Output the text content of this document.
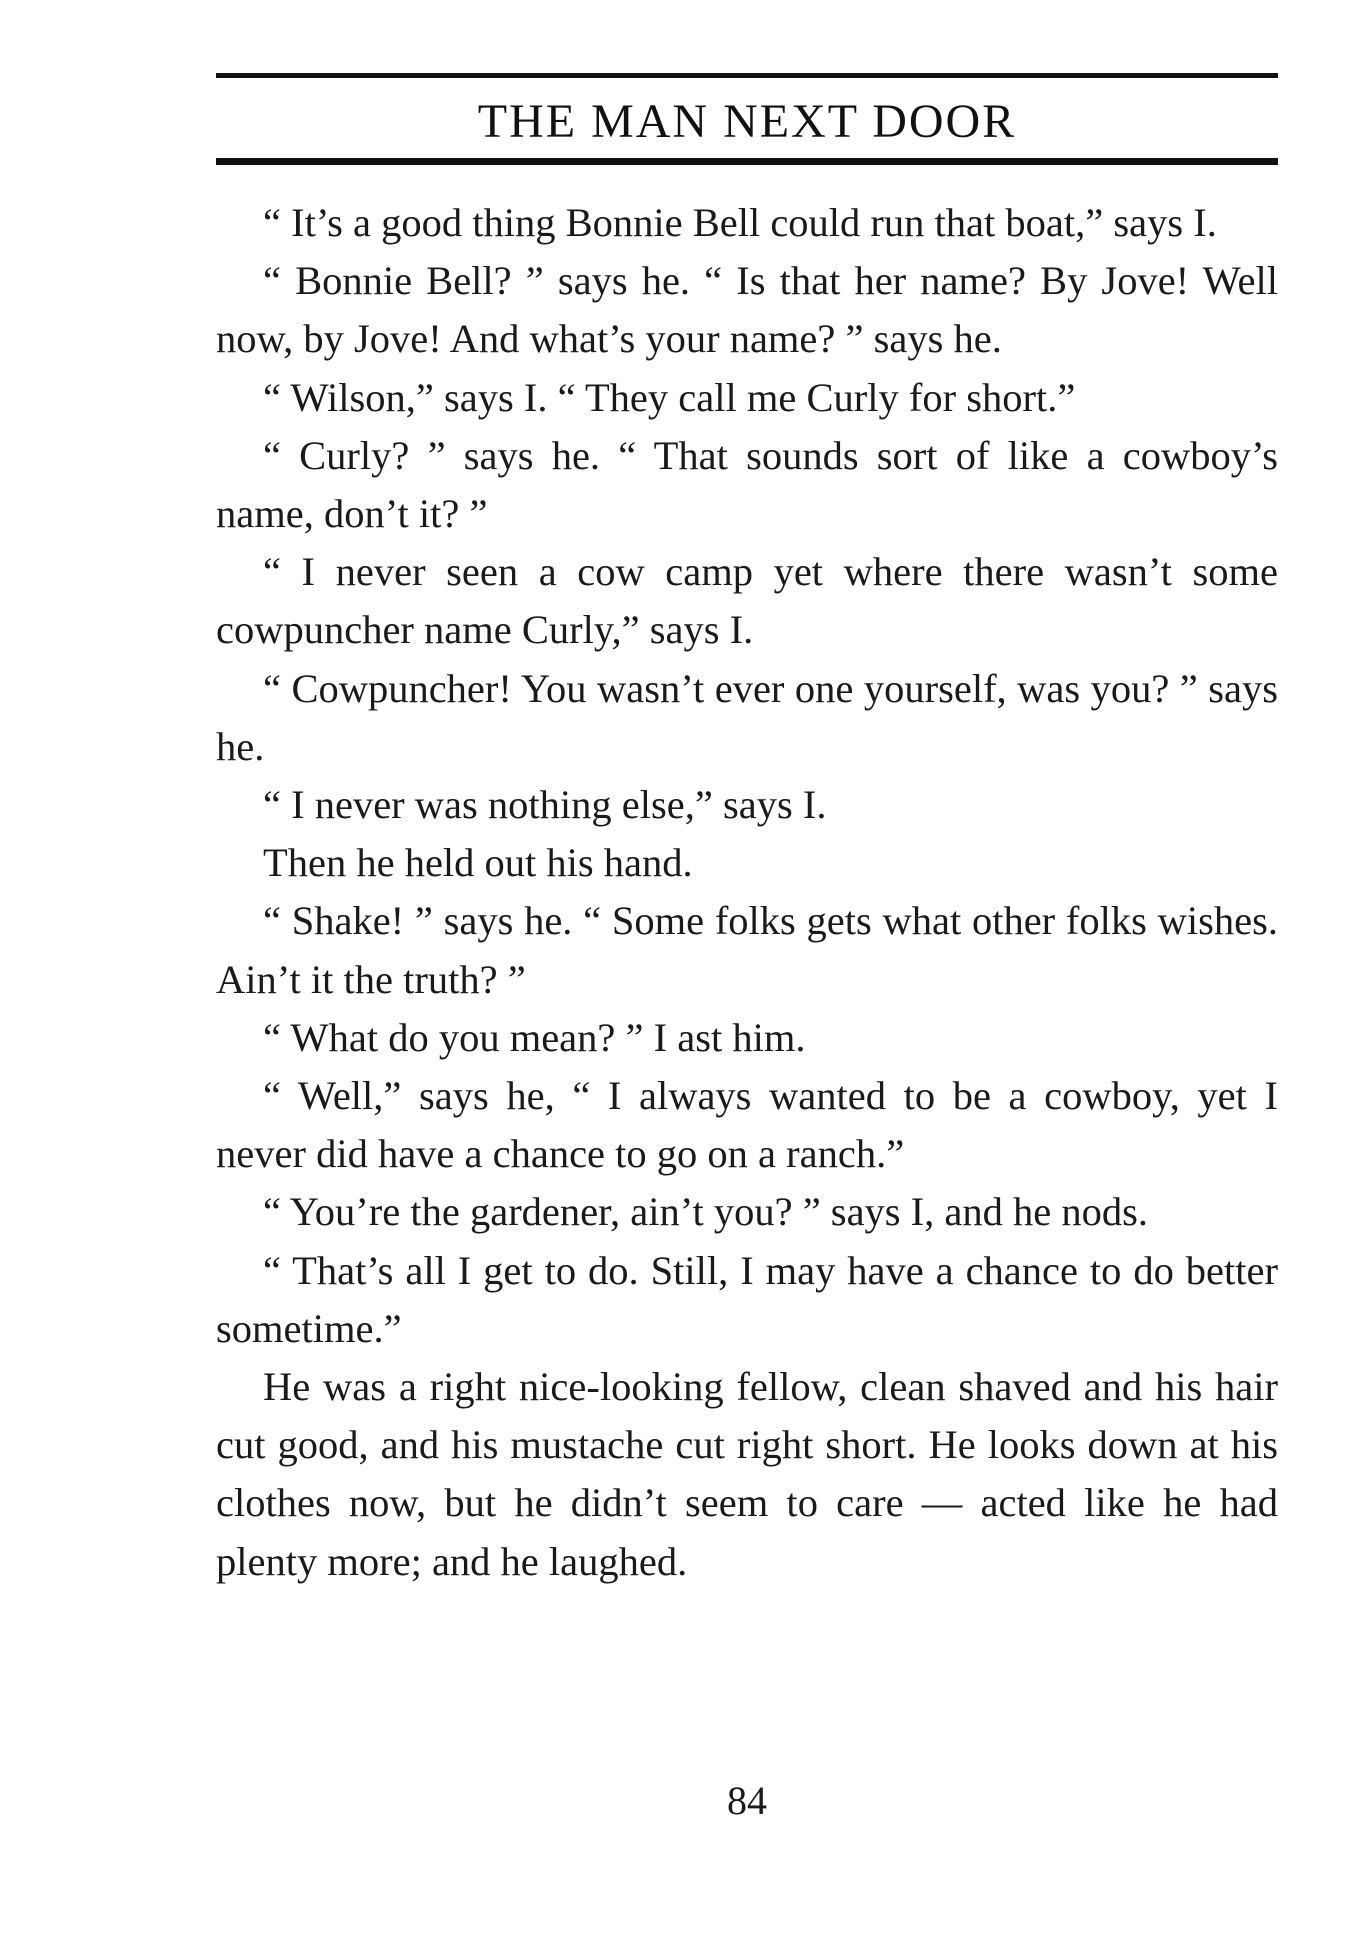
THE MAN NEXT DOOR

“ It’s a good thing Bonnie Bell could run that boat,” says I.

“ Bonnie Bell? ” says he. “ Is that her name? By Jove! Well now, by Jove! And what’s your name? ” says he.

“ Wilson,” says I. “ They call me Curly for short.”

“ Curly? ” says he. “ That sounds sort of like a cowboy’s name, don’t it? ”

“ I never seen a cow camp yet where there wasn’t some cowpuncher name Curly,” says I.

“ Cowpuncher! You wasn’t ever one yourself, was you? ” says he.

“ I never was nothing else,” says I.

Then he held out his hand.

“ Shake! ” says he. “ Some folks gets what other folks wishes. Ain’t it the truth? ”

“ What do you mean? ” I ast him.

“ Well,” says he, “ I always wanted to be a cowboy, yet I never did have a chance to go on a ranch.”

“ You’re the gardener, ain’t you? ” says I, and he nods.

“ That’s all I get to do. Still, I may have a chance to do better sometime.”

He was a right nice-looking fellow, clean shaved and his hair cut good, and his mustache cut right short. He looks down at his clothes now, but he didn’t seem to care — acted like he had plenty more; and he laughed.

84
